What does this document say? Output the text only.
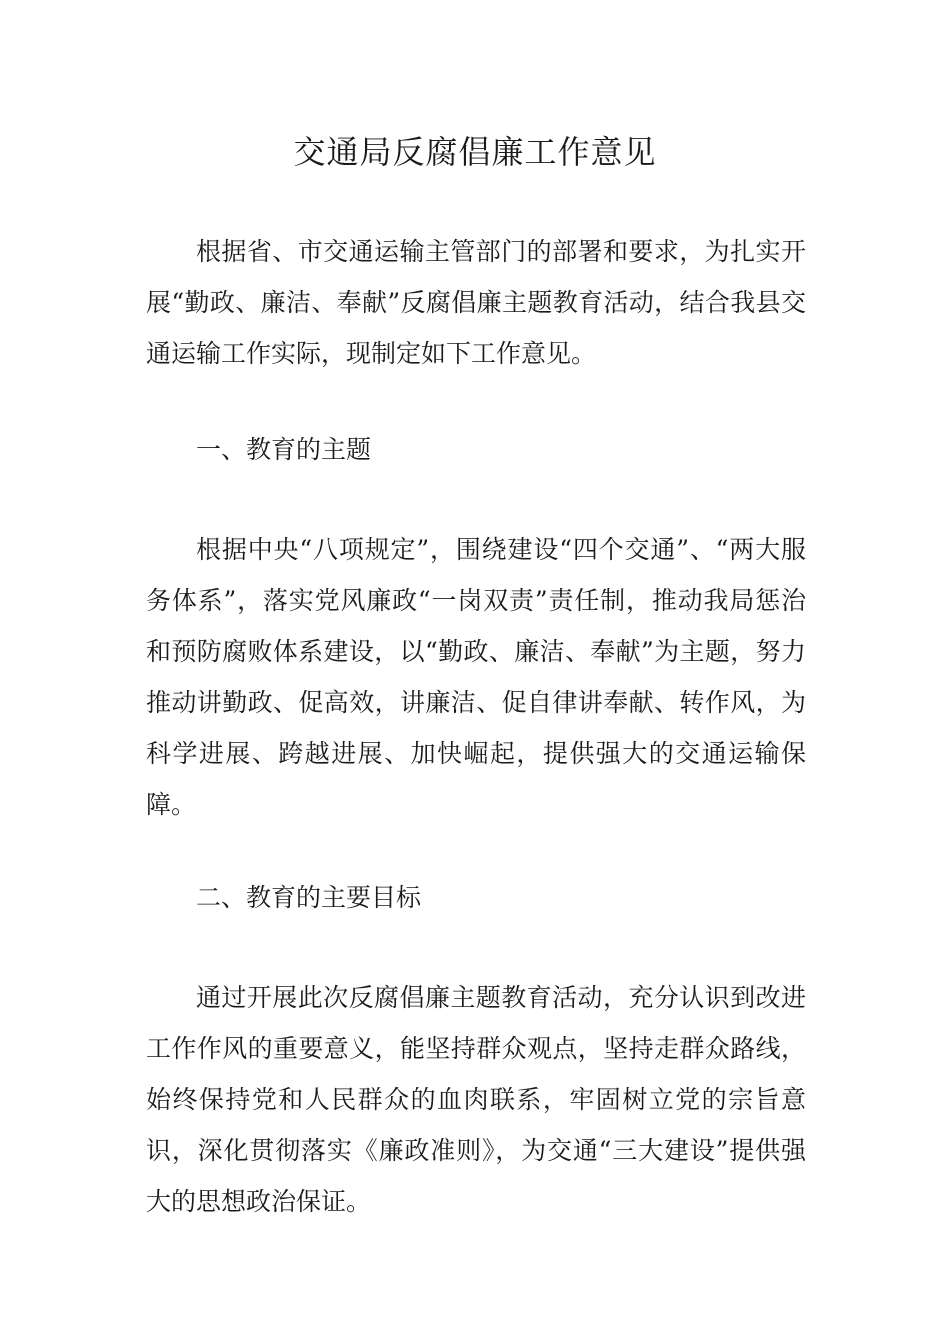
交通局反腐倡廉工作意见

根据省、市交通运输主管部门的部署和要求，为扎实开展“勤政、廉洁、奉献”反腐倡廉主题教育活动，结合我县交通运输工作实际，现制定如下工作意见。

一、教育的主题

根据中央“八项规定”，围绕建设“四个交通”、“两大服务体系”，落实党风廉政“一岗双责”责任制，推动我局惩治和预防腐败体系建设，以“勤政、廉洁、奉献”为主题，努力推动讲勤政、促高效，讲廉洁、促自律讲奉献、转作风，为科学进展、跨越进展、加快崛起，提供强大的交通运输保障。

二、教育的主要目标

通过开展此次反腐倡廉主题教育活动，充分认识到改进工作作风的重要意义，能坚持群众观点，坚持走群众路线，始终保持党和人民群众的血肉联系，牢固树立党的宗旨意识，深化贯彻落实《廉政准则》，为交通“三大建设”提供强大的思想政治保证。
